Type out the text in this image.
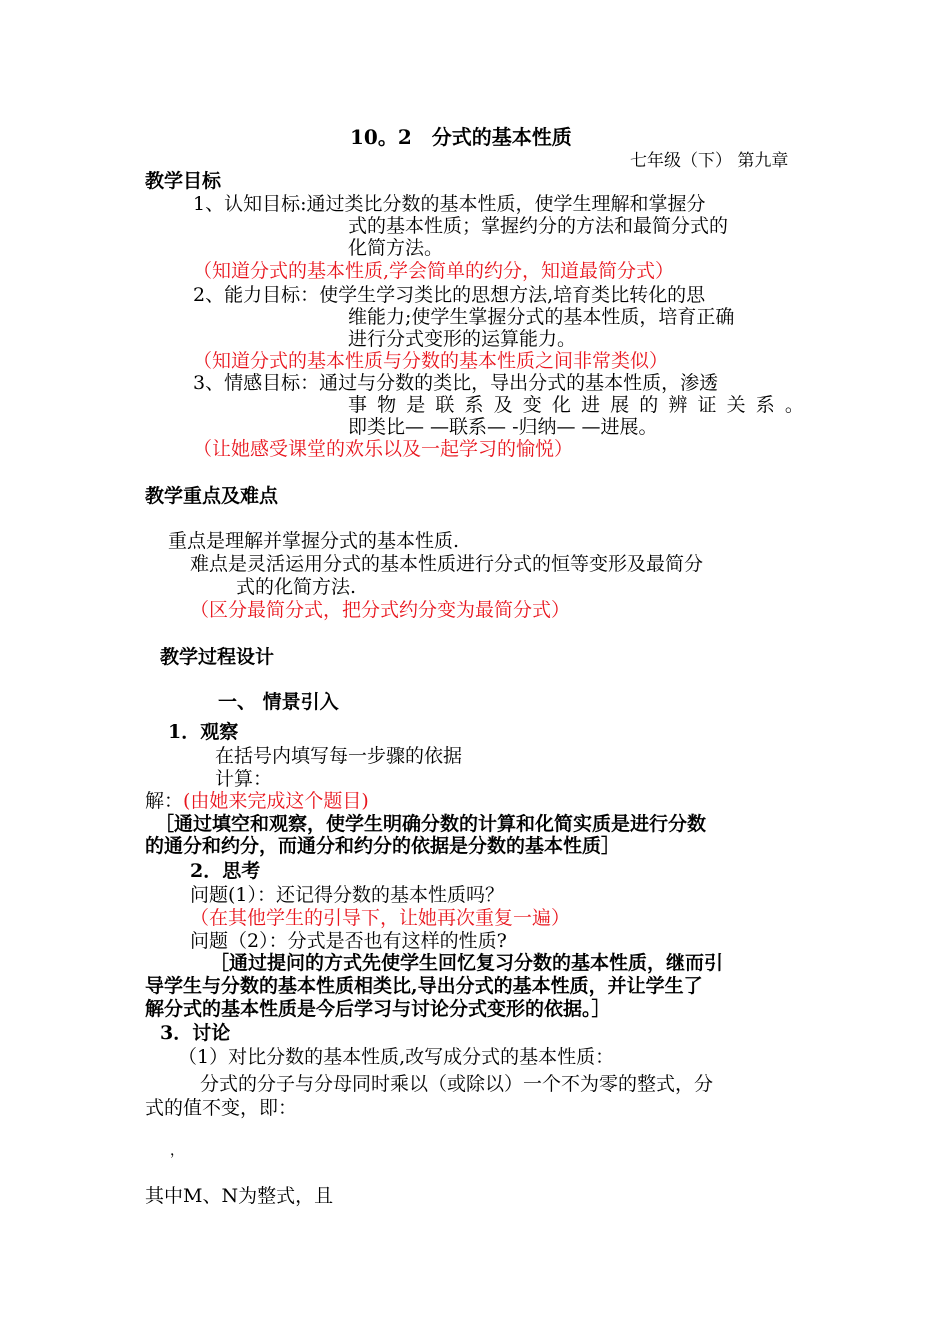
10。2　分式的基本性质
七年级（下） 第九章
教学目标
1、认知目标:通过类比分数的基本性质，使学生理解和掌握分
式的基本性质；掌握约分的方法和最简分式的
化简方法。
（知道分式的基本性质,学会简单的约分，知道最简分式）
2、能力目标：使学生学习类比的思想方法,培育类比转化的思
维能力;使学生掌握分式的基本性质，培育正确
进行分式变形的运算能力。
（知道分式的基本性质与分数的基本性质之间非常类似）
3、情感目标：通过与分数的类比，导出分式的基本性质，渗透
事 物 是 联 系 及 变 化 进 展 的 辨 证 关 系 。
即类比— —联系— -归纳— —进展。
（让她感受课堂的欢乐以及一起学习的愉悦）
教学重点及难点
重点是理解并掌握分式的基本性质.
难点是灵活运用分式的基本性质进行分式的恒等变形及最简分
式的化简方法.
（区分最简分式，把分式约分变为最简分式）
教学过程设计
一、 情景引入
1．观察
在括号内填写每一步骤的依据
计算：
解：(由她来完成这个题目)
［通过填空和观察，使学生明确分数的计算和化简实质是进行分数
的通分和约分，而通分和约分的依据是分数的基本性质］
2．思考
问题(1）：还记得分数的基本性质吗？
（在其他学生的引导下，让她再次重复一遍）
问题（2）：分式是否也有这样的性质?
［通过提问的方式先使学生回忆复习分数的基本性质，继而引
导学生与分数的基本性质相类比,导出分式的基本性质，并让学生了
解分式的基本性质是今后学习与讨论分式变形的依据。］
3．讨论
（1）对比分数的基本性质,改写成分式的基本性质：
分式的分子与分母同时乘以（或除以）一个不为零的整式，分
式的值不变，即：
，
其中M、N为整式，且
